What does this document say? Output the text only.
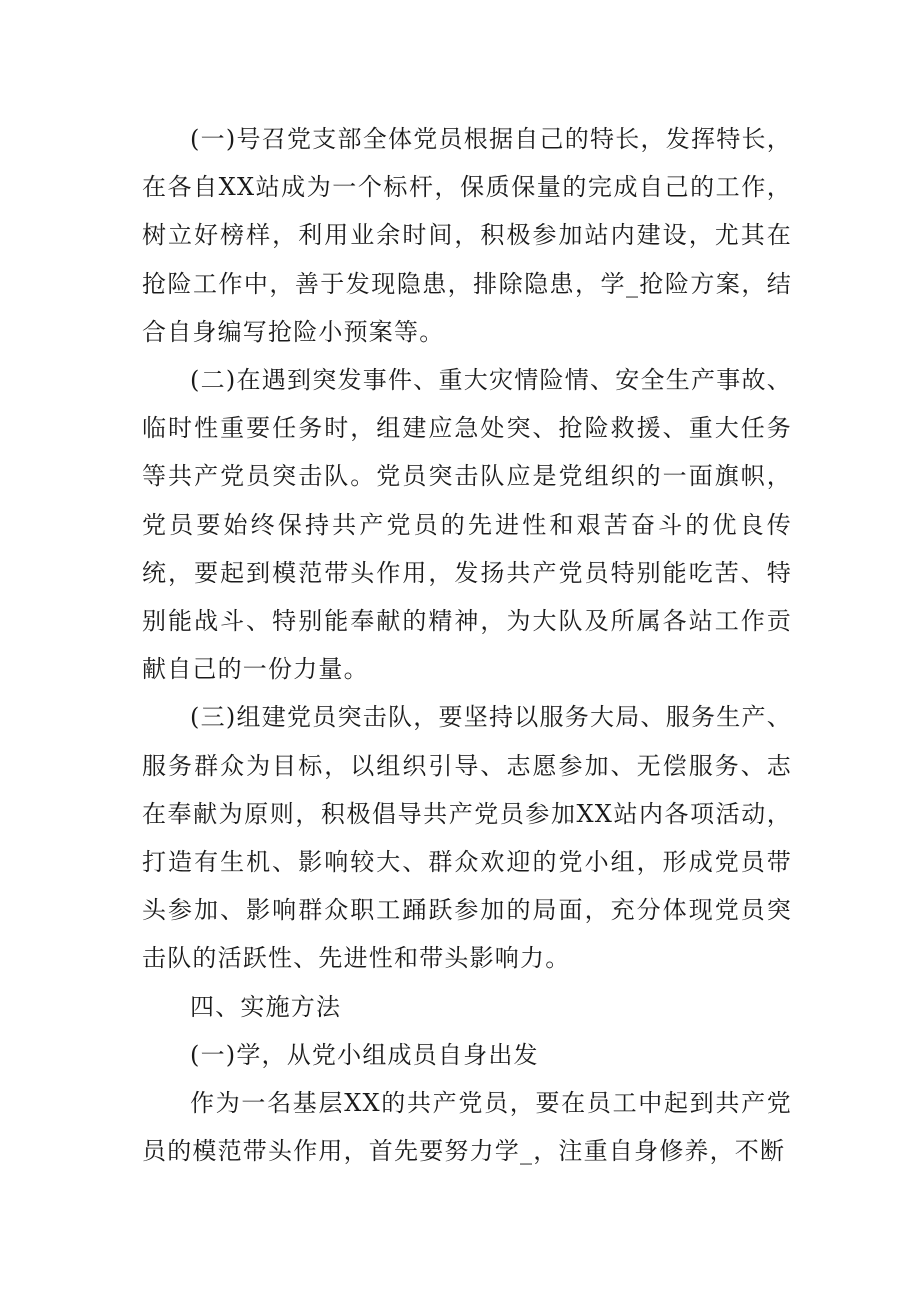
(一)号召党支部全体党员根据自己的特长，发挥特长，在各自XX站成为一个标杆，保质保量的完成自己的工作，树立好榜样，利用业余时间，积极参加站内建设，尤其在抢险工作中，善于发现隐患，排除隐患，学_抢险方案，结合自身编写抢险小预案等。

(二)在遇到突发事件、重大灾情险情、安全生产事故、临时性重要任务时，组建应急处突、抢险救援、重大任务等共产党员突击队。党员突击队应是党组织的一面旗帜，党员要始终保持共产党员的先进性和艰苦奋斗的优良传统，要起到模范带头作用，发扬共产党员特别能吃苦、特别能战斗、特别能奉献的精神，为大队及所属各站工作贡献自己的一份力量。

(三)组建党员突击队，要坚持以服务大局、服务生产、服务群众为目标，以组织引导、志愿参加、无偿服务、志在奉献为原则，积极倡导共产党员参加XX站内各项活动，打造有生机、影响较大、群众欢迎的党小组，形成党员带头参加、影响群众职工踊跃参加的局面，充分体现党员突击队的活跃性、先进性和带头影响力。

四、实施方法

(一)学，从党小组成员自身出发

作为一名基层XX的共产党员，要在员工中起到共产党员的模范带头作用，首先要努力学_，注重自身修养，不断
